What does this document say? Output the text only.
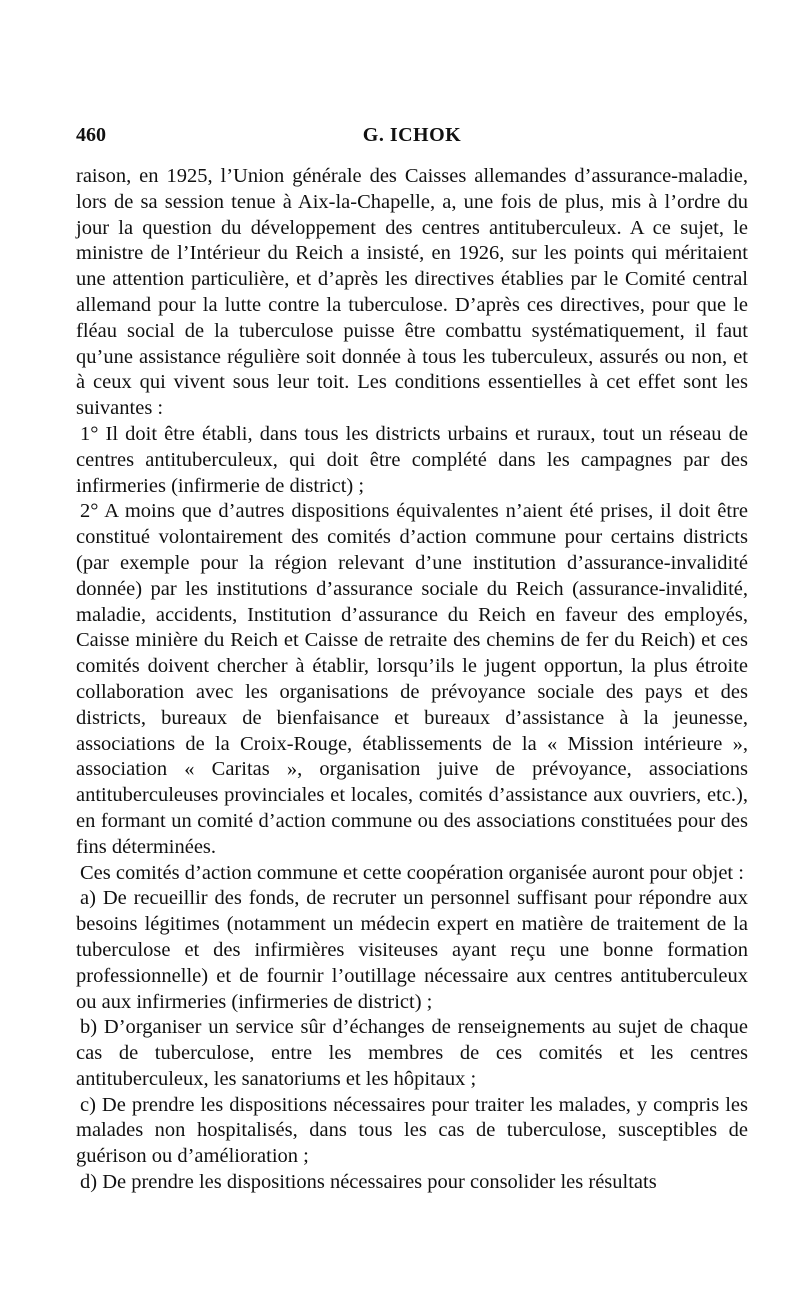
460	G. ICHOK

raison, en 1925, l’Union générale des Caisses allemandes d’assurance-maladie, lors de sa session tenue à Aix-la-Chapelle, a, une fois de plus, mis à l’ordre du jour la question du développement des centres antituberculeux. A ce sujet, le ministre de l’Intérieur du Reich a insisté, en 1926, sur les points qui méritaient une attention particulière, et d’après les directives établies par le Comité central allemand pour la lutte contre la tuberculose. D’après ces directives, pour que le fléau social de la tuberculose puisse être combattu systématiquement, il faut qu’une assistance régulière soit donnée à tous les tuberculeux, assurés ou non, et à ceux qui vivent sous leur toit. Les conditions essentielles à cet effet sont les suivantes :

1° Il doit être établi, dans tous les districts urbains et ruraux, tout un réseau de centres antituberculeux, qui doit être complété dans les campagnes par des infirmeries (infirmerie de district) ;

2° A moins que d’autres dispositions équivalentes n’aient été prises, il doit être constitué volontairement des comités d’action commune pour certains districts (par exemple pour la région relevant d’une institution d’assurance-invalidité donnée) par les institutions d’assurance sociale du Reich (assurance-invalidité, maladie, accidents, Institution d’assurance du Reich en faveur des employés, Caisse minière du Reich et Caisse de retraite des chemins de fer du Reich) et ces comités doivent chercher à établir, lorsqu’ils le jugent opportun, la plus étroite collaboration avec les organisations de prévoyance sociale des pays et des districts, bureaux de bienfaisance et bureaux d’assistance à la jeunesse, associations de la Croix-Rouge, établissements de la « Mission intérieure », association « Caritas », organisation juive de prévoyance, associations antituberculeuses provinciales et locales, comités d’assistance aux ouvriers, etc.), en formant un comité d’action commune ou des associations constituées pour des fins déterminées.

Ces comités d’action commune et cette coopération organisée auront pour objet :

a) De recueillir des fonds, de recruter un personnel suffisant pour répondre aux besoins légitimes (notamment un médecin expert en matière de traitement de la tuberculose et des infirmières visiteuses ayant reçu une bonne formation professionnelle) et de fournir l’outillage nécessaire aux centres antituberculeux ou aux infirmeries (infirmeries de district) ;

b) D’organiser un service sûr d’échanges de renseignements au sujet de chaque cas de tuberculose, entre les membres de ces comités et les centres antituberculeux, les sanatoriums et les hôpitaux ;

c) De prendre les dispositions nécessaires pour traiter les malades, y compris les malades non hospitalisés, dans tous les cas de tuberculose, susceptibles de guérison ou d’amélioration ;

d) De prendre les dispositions nécessaires pour consolider les résultats
